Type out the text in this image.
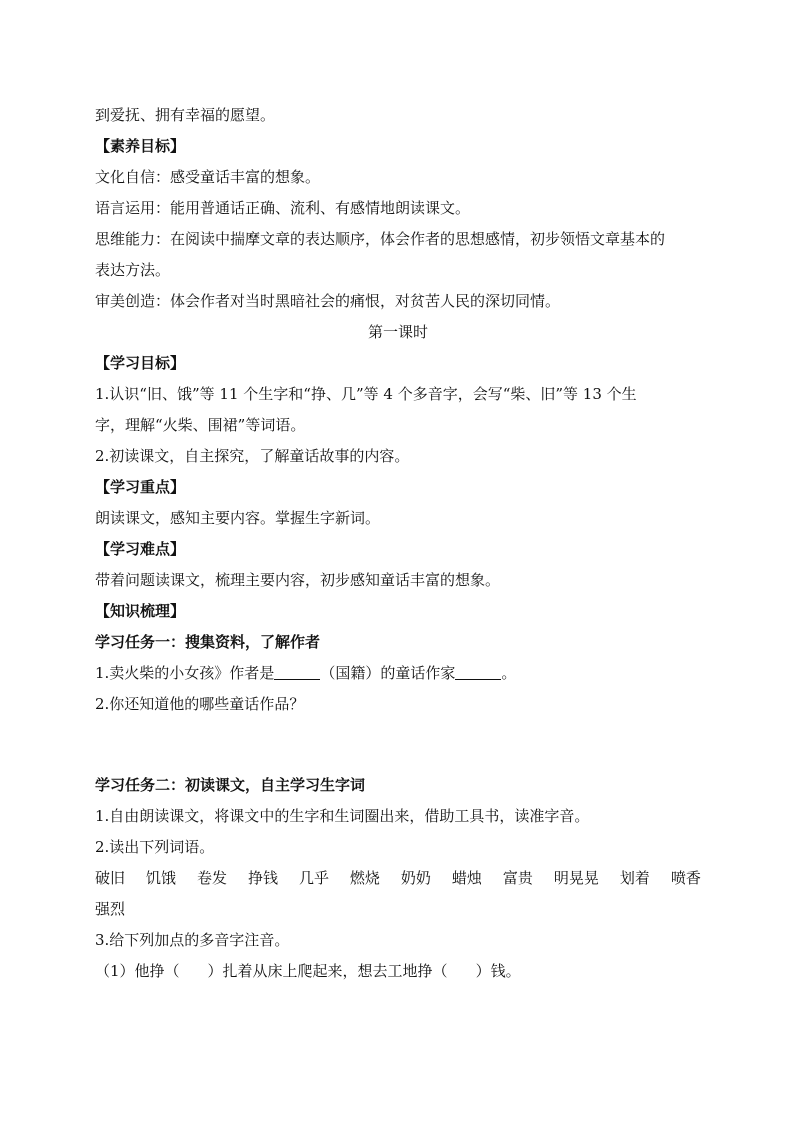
到爱抚、拥有幸福的愿望。
【素养目标】
文化自信：感受童话丰富的想象。
语言运用：能用普通话正确、流利、有感情地朗读课文。
思维能力：在阅读中揣摩文章的表达顺序，体会作者的思想感情，初步领悟文章基本的
表达方法。
审美创造：体会作者对当时黑暗社会的痛恨，对贫苦人民的深切同情。
第一课时
【学习目标】
1.认识“旧、饿”等 11 个生字和“挣、几”等 4 个多音字，会写“柴、旧”等 13 个生
字，理解“火柴、围裙”等词语。
2.初读课文，自主探究，了解童话故事的内容。
【学习重点】
朗读课文，感知主要内容。掌握生字新词。
【学习难点】
带着问题读课文，梳理主要内容，初步感知童话丰富的想象。
【知识梳理】
学习任务一：搜集资料，了解作者
1.卖火柴的小女孩》作者是	（国籍）的童话作家	。
2.你还知道他的哪些童话作品？
学习任务二：初读课文，自主学习生字词
1.自由朗读课文，将课文中的生字和生词圈出来，借助工具书，读准字音。
2.读出下列词语。
破旧 饥饿 卷发 挣钱 几乎 燃烧 奶奶 蜡烛 富贵 明晃晃 划着 喷香
强烈
3.给下列加点的多音字注音。
（1）他挣（ ）扎着从床上爬起来，想去工地挣（ ）钱。
